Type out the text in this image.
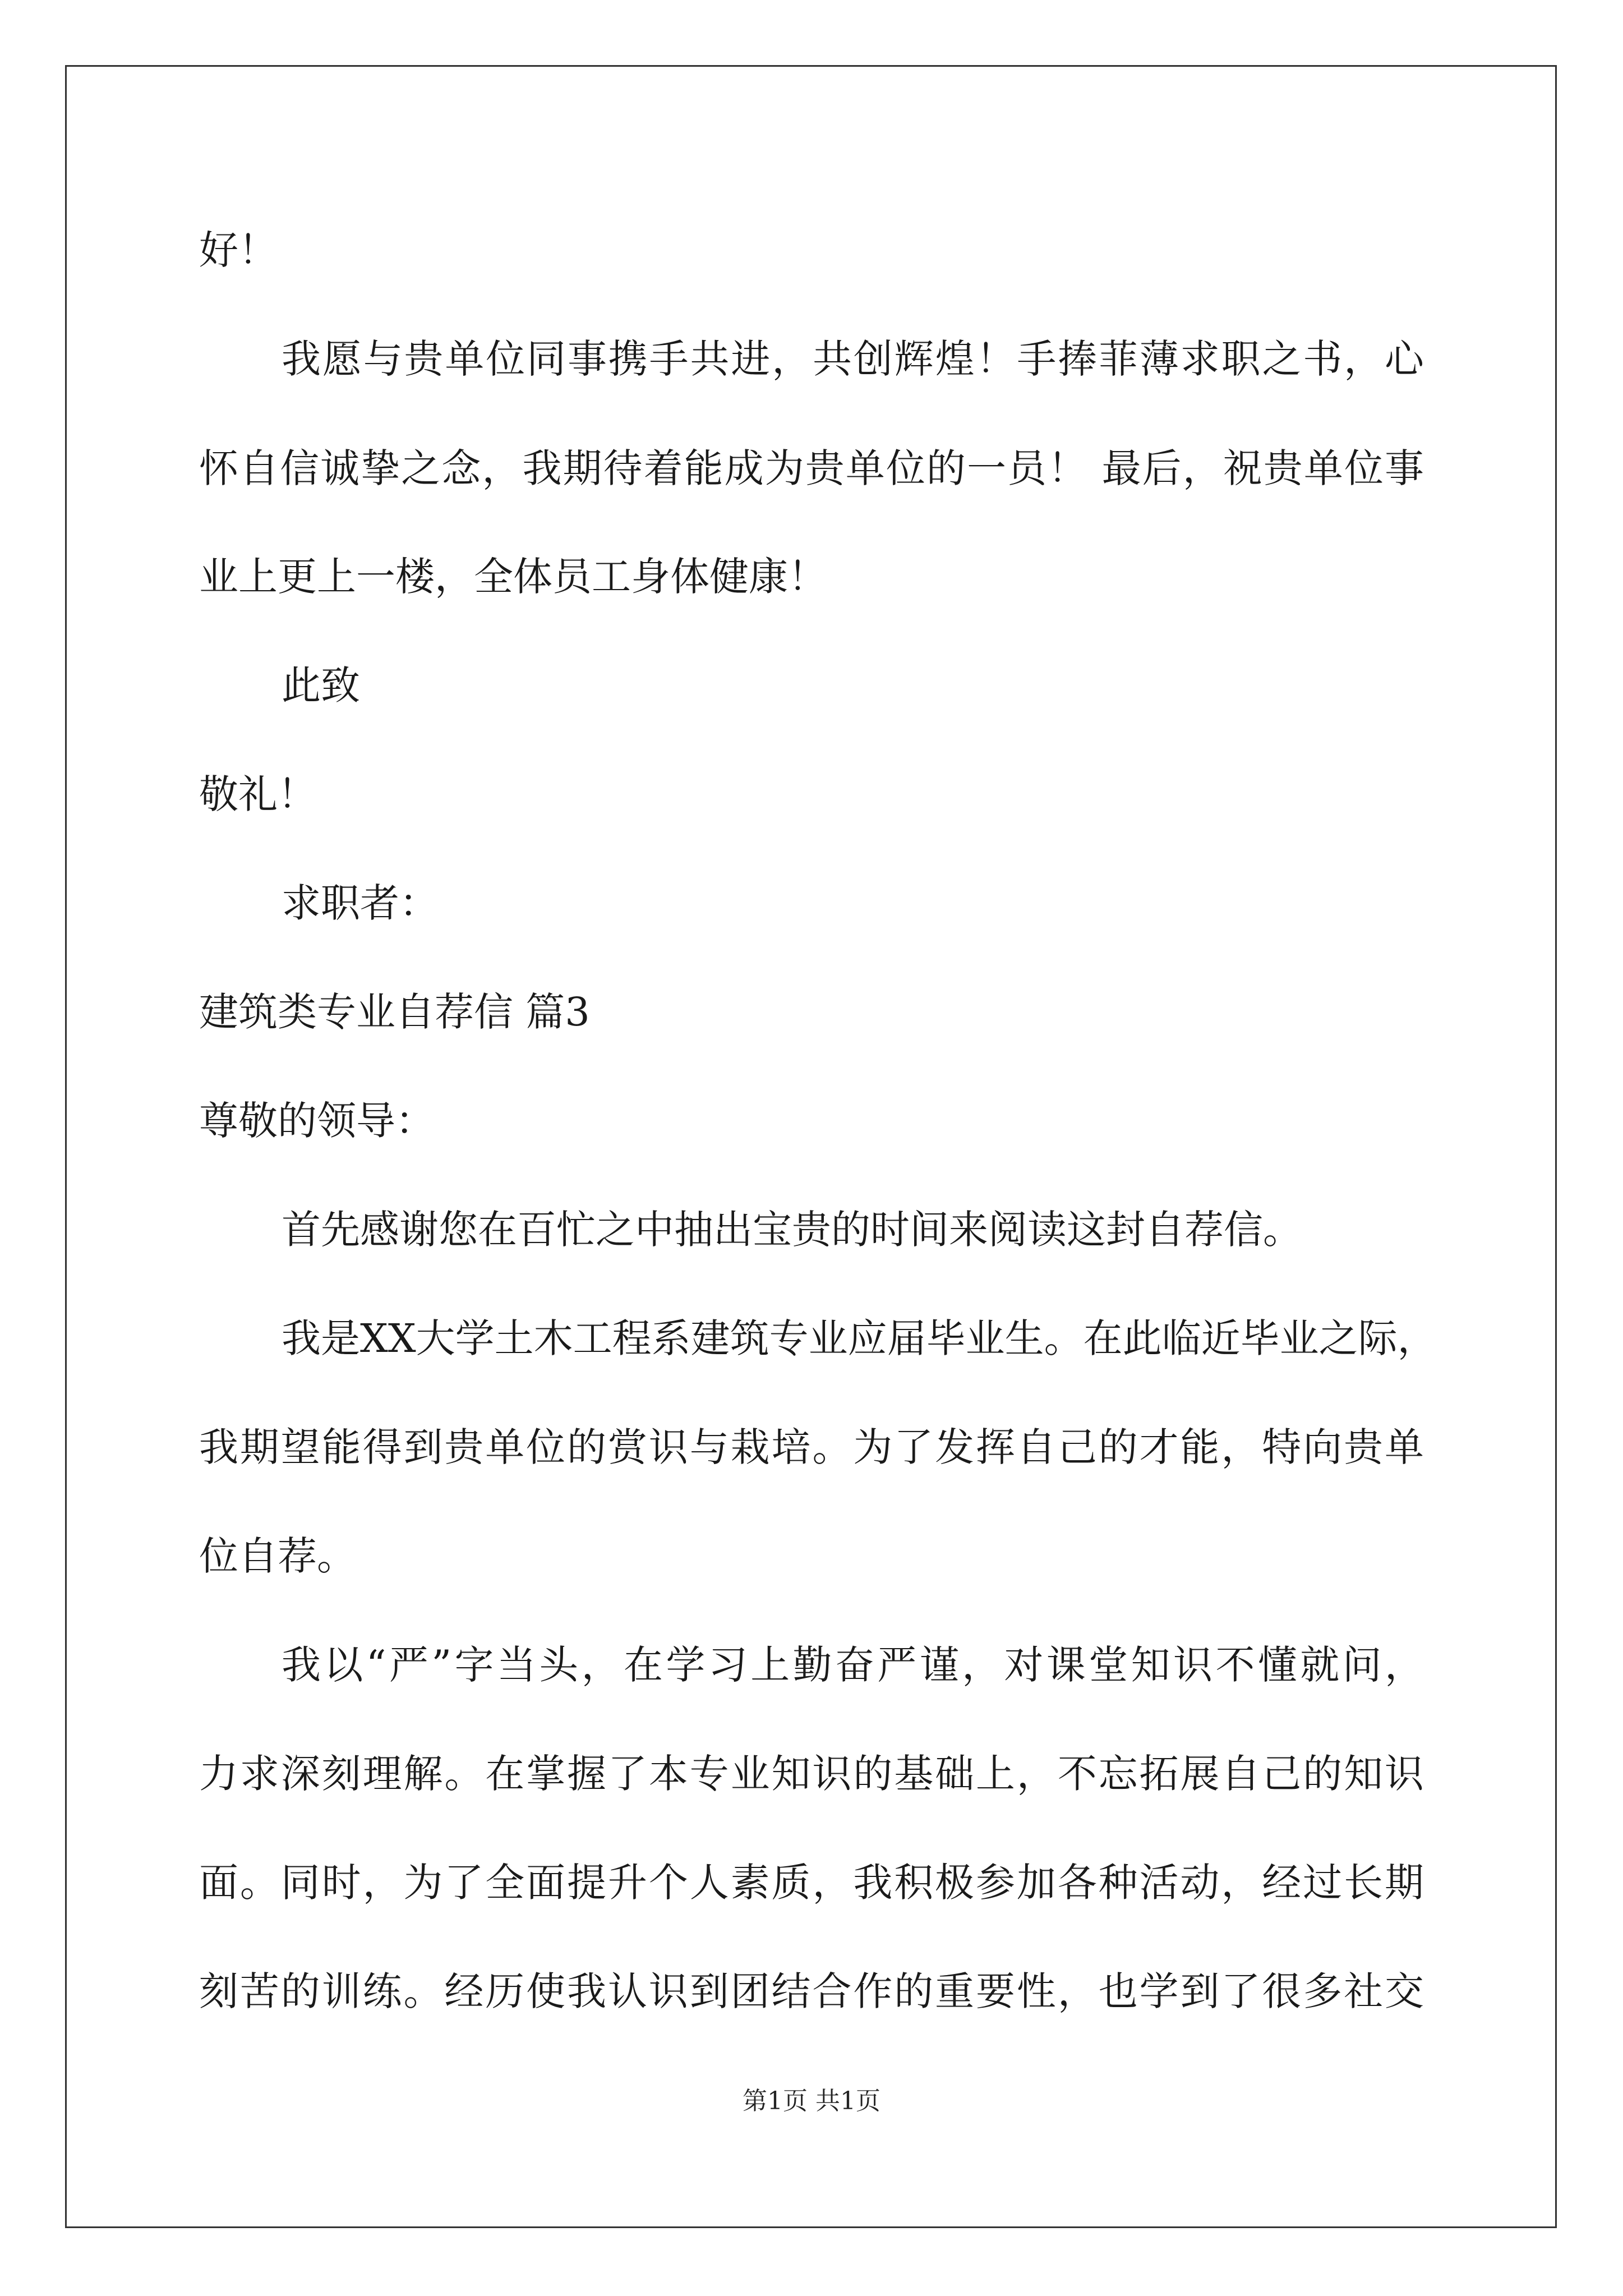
好！
我愿与贵单位同事携手共进，共创辉煌！手捧菲薄求职之书，心
怀自信诚挚之念，我期待着能成为贵单位的一员！ 最后，祝贵单位事
业上更上一楼，全体员工身体健康！
此致
敬礼！
求职者：
建筑类专业自荐信 篇3
尊敬的领导：
首先感谢您在百忙之中抽出宝贵的时间来阅读这封自荐信。
我是XX大学土木工程系建筑专业应届毕业生。在此临近毕业之际，
我期望能得到贵单位的赏识与栽培。为了发挥自己的才能，特向贵单
位自荐。
我以“严”字当头，在学习上勤奋严谨，对课堂知识不懂就问，
力求深刻理解。在掌握了本专业知识的基础上，不忘拓展自己的知识
面。同时，为了全面提升个人素质，我积极参加各种活动，经过长期
刻苦的训练。经历使我认识到团结合作的重要性，也学到了很多社交
第1页 共1页
